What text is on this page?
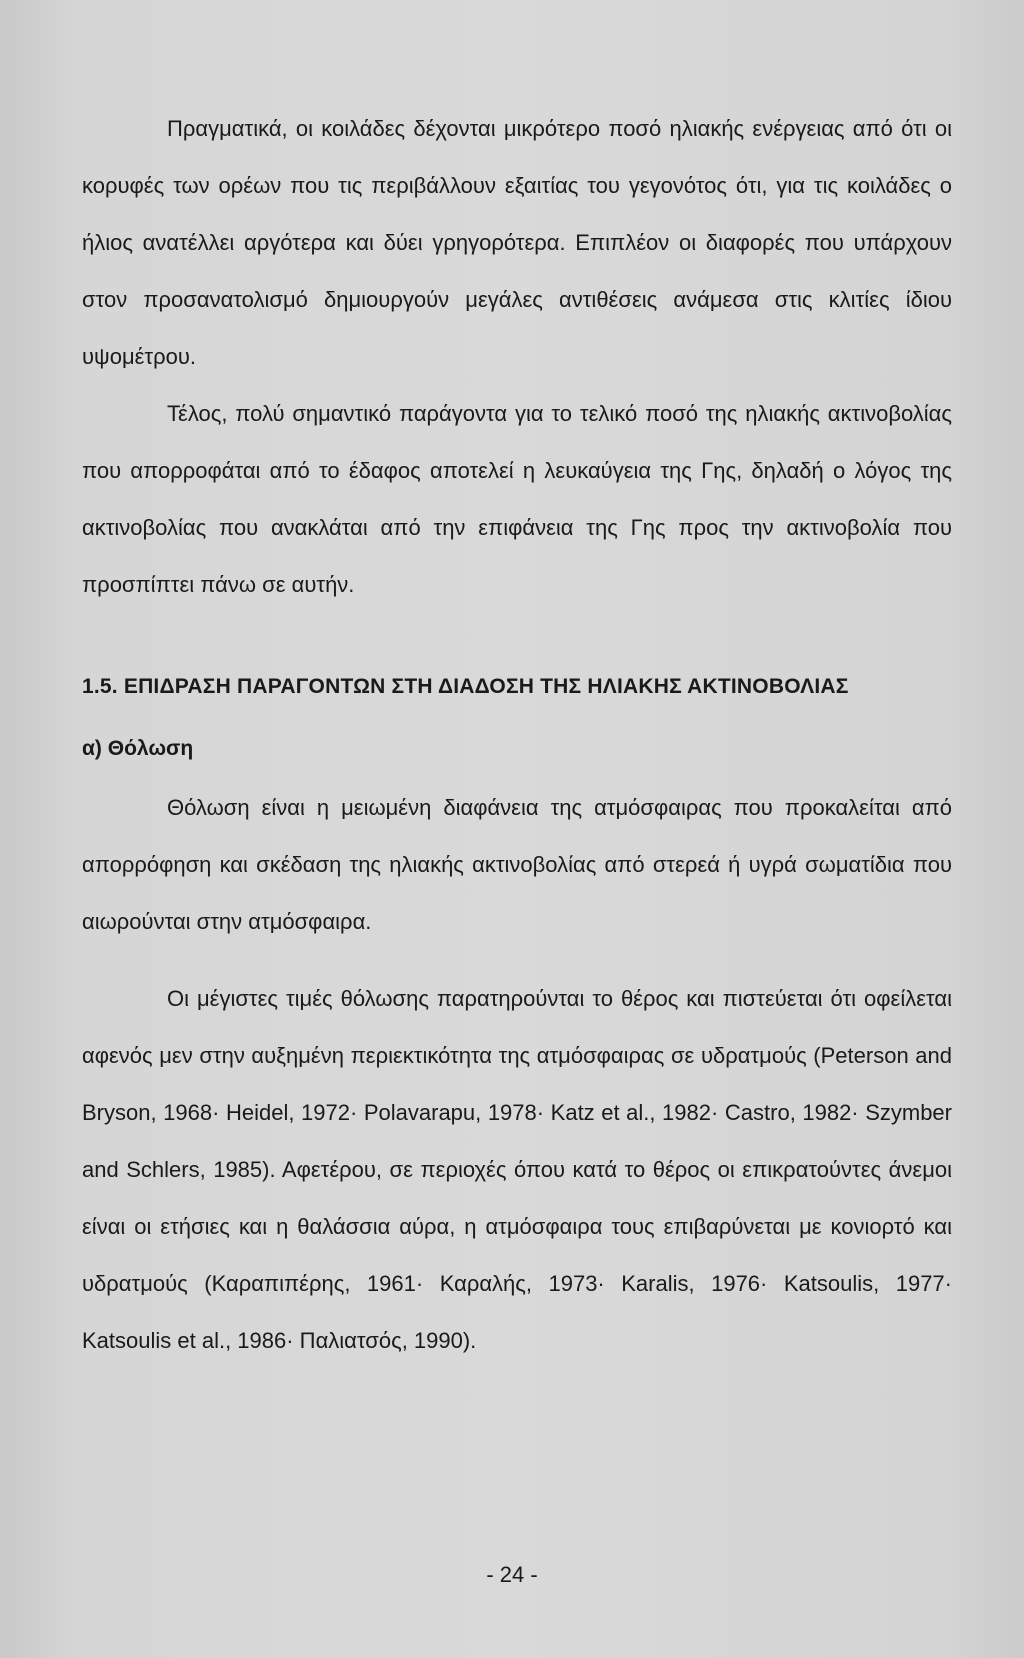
Πραγματικά, οι κοιλάδες δέχονται μικρότερο ποσό ηλιακής ενέργειας από ότι οι κορυφές των ορέων που τις περιβάλλουν εξαιτίας του γεγονότος ότι, για τις κοιλάδες ο ήλιος ανατέλλει αργότερα και δύει γρηγορότερα. Επιπλέον οι διαφορές που υπάρχουν στον προσανατολισμό δημιουργούν μεγάλες αντιθέσεις ανάμεσα στις κλιτίες ίδιου υψομέτρου.

Τέλος, πολύ σημαντικό παράγοντα για το τελικό ποσό της ηλιακής ακτινοβολίας που απορροφάται από το έδαφος αποτελεί η λευκαύγεια της Γης, δηλαδή ο λόγος της ακτινοβολίας που ανακλάται από την επιφάνεια της Γης προς την ακτινοβολία που προσπίπτει πάνω σε αυτήν.

1.5. ΕΠΙΔΡΑΣΗ ΠΑΡΑΓΟΝΤΩΝ ΣΤΗ ΔΙΑΔΟΣΗ ΤΗΣ ΗΛΙΑΚΗΣ ΑΚΤΙΝΟΒΟΛΙΑΣ
α) Θόλωση

Θόλωση είναι η μειωμένη διαφάνεια της ατμόσφαιρας που προκαλείται από απορρόφηση και σκέδαση της ηλιακής ακτινοβολίας από στερεά ή υγρά σωματίδια που αιωρούνται στην ατμόσφαιρα.

Οι μέγιστες τιμές θόλωσης παρατηρούνται το θέρος και πιστεύεται ότι οφείλεται αφενός μεν στην αυξημένη περιεκτικότητα της ατμόσφαιρας σε υδρατμούς (Peterson and Bryson, 1968· Heidel, 1972· Polavarapu, 1978· Katz et al., 1982· Castro, 1982· Szymber and Schlers, 1985). Αφετέρου, σε περιοχές όπου κατά το θέρος οι επικρατούντες άνεμοι είναι οι ετήσιες και η θαλάσσια αύρα, η ατμόσφαιρα τους επιβαρύνεται με κονιορτό και υδρατμούς (Καραπιπέρης, 1961· Καραλής, 1973· Karalis, 1976· Katsoulis, 1977· Katsoulis et al., 1986· Παλιατσός, 1990).

- 24 -
